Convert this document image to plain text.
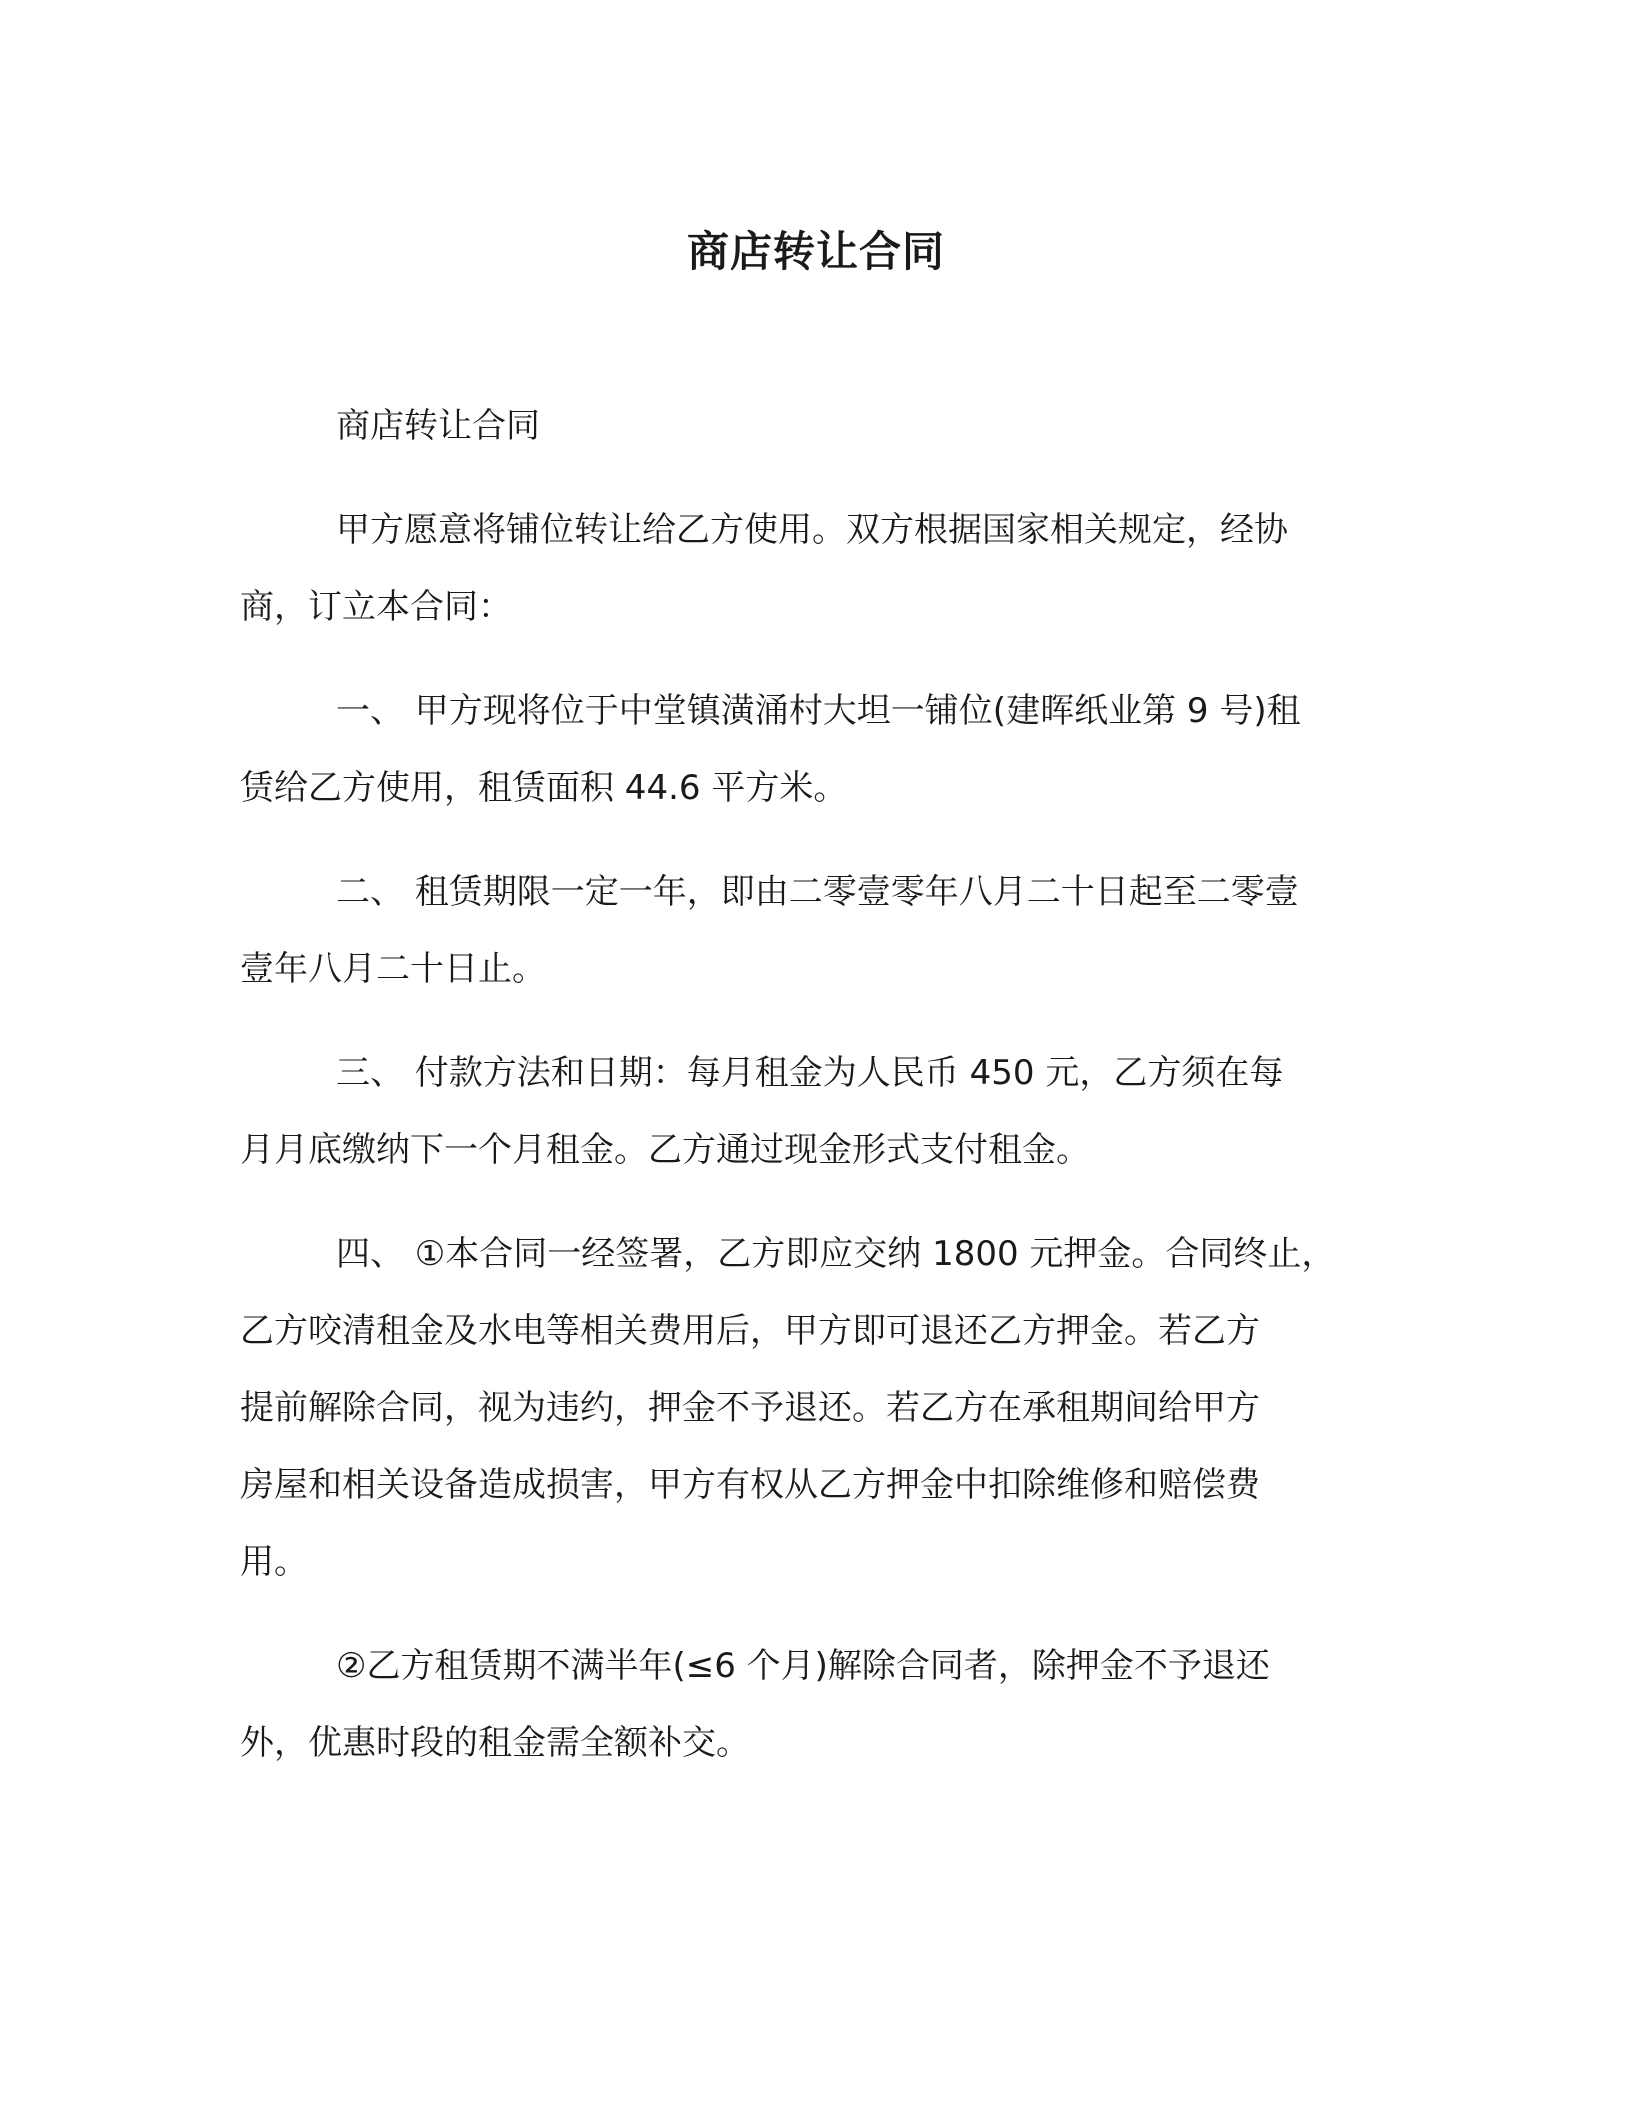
商店转让合同

商店转让合同

甲方愿意将铺位转让给乙方使用。双方根据国家相关规定，经协
商，订立本合同：

一、 甲方现将位于中堂镇潢涌村大坦一铺位(建晖纸业第 9 号)租
赁给乙方使用，租赁面积 44.6 平方米。

二、 租赁期限一定一年，即由二零壹零年八月二十日起至二零壹
壹年八月二十日止。

三、 付款方法和日期：每月租金为人民币 450 元，乙方须在每
月月底缴纳下一个月租金。乙方通过现金形式支付租金。

四、 ①本合同一经签署，乙方即应交纳 1800 元押金。合同终止，
乙方咬清租金及水电等相关费用后，甲方即可退还乙方押金。若乙方
提前解除合同，视为违约，押金不予退还。若乙方在承租期间给甲方
房屋和相关设备造成损害，甲方有权从乙方押金中扣除维修和赔偿费
用。

②乙方租赁期不满半年(≤6 个月)解除合同者，除押金不予退还
外，优惠时段的租金需全额补交。
